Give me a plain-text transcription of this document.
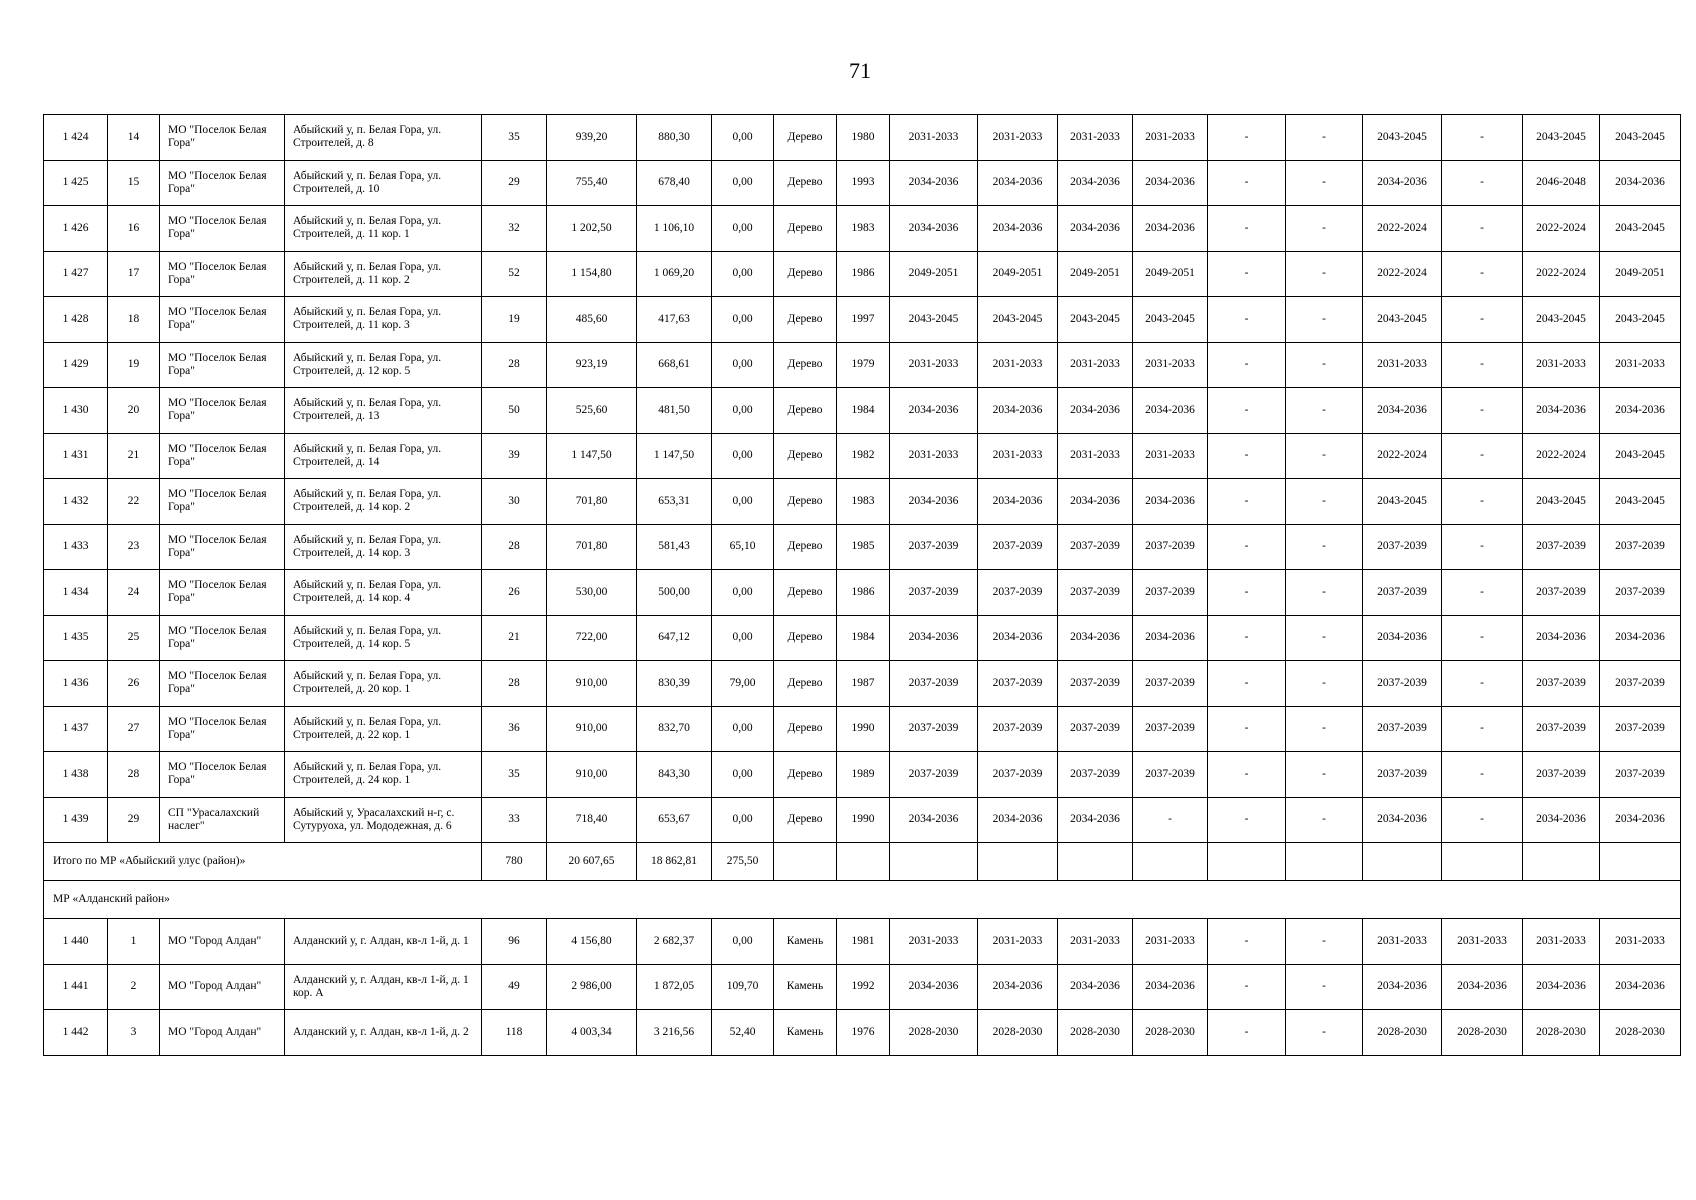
71
1 424	14	МО "Поселок Белая Гора"	Абыйский у, п. Белая Гора, ул. Строителей, д. 8	35	939,20	880,30	0,00	Дерево	1980	2031-2033	2031-2033	2031-2033	2031-2033	-	-	2043-2045	-	2043-2045	2043-2045
1 425	15	МО "Поселок Белая Гора"	Абыйский у, п. Белая Гора, ул. Строителей, д. 10	29	755,40	678,40	0,00	Дерево	1993	2034-2036	2034-2036	2034-2036	2034-2036	-	-	2034-2036	-	2046-2048	2034-2036
1 426	16	МО "Поселок Белая Гора"	Абыйский у, п. Белая Гора, ул. Строителей, д. 11 кор. 1	32	1 202,50	1 106,10	0,00	Дерево	1983	2034-2036	2034-2036	2034-2036	2034-2036	-	-	2022-2024	-	2022-2024	2043-2045
1 427	17	МО "Поселок Белая Гора"	Абыйский у, п. Белая Гора, ул. Строителей, д. 11 кор. 2	52	1 154,80	1 069,20	0,00	Дерево	1986	2049-2051	2049-2051	2049-2051	2049-2051	-	-	2022-2024	-	2022-2024	2049-2051
1 428	18	МО "Поселок Белая Гора"	Абыйский у, п. Белая Гора, ул. Строителей, д. 11 кор. 3	19	485,60	417,63	0,00	Дерево	1997	2043-2045	2043-2045	2043-2045	2043-2045	-	-	2043-2045	-	2043-2045	2043-2045
1 429	19	МО "Поселок Белая Гора"	Абыйский у, п. Белая Гора, ул. Строителей, д. 12 кор. 5	28	923,19	668,61	0,00	Дерево	1979	2031-2033	2031-2033	2031-2033	2031-2033	-	-	2031-2033	-	2031-2033	2031-2033
1 430	20	МО "Поселок Белая Гора"	Абыйский у, п. Белая Гора, ул. Строителей, д. 13	50	525,60	481,50	0,00	Дерево	1984	2034-2036	2034-2036	2034-2036	2034-2036	-	-	2034-2036	-	2034-2036	2034-2036
1 431	21	МО "Поселок Белая Гора"	Абыйский у, п. Белая Гора, ул. Строителей, д. 14	39	1 147,50	1 147,50	0,00	Дерево	1982	2031-2033	2031-2033	2031-2033	2031-2033	-	-	2022-2024	-	2022-2024	2043-2045
1 432	22	МО "Поселок Белая Гора"	Абыйский у, п. Белая Гора, ул. Строителей, д. 14 кор. 2	30	701,80	653,31	0,00	Дерево	1983	2034-2036	2034-2036	2034-2036	2034-2036	-	-	2043-2045	-	2043-2045	2043-2045
1 433	23	МО "Поселок Белая Гора"	Абыйский у, п. Белая Гора, ул. Строителей, д. 14 кор. 3	28	701,80	581,43	65,10	Дерево	1985	2037-2039	2037-2039	2037-2039	2037-2039	-	-	2037-2039	-	2037-2039	2037-2039
1 434	24	МО "Поселок Белая Гора"	Абыйский у, п. Белая Гора, ул. Строителей, д. 14 кор. 4	26	530,00	500,00	0,00	Дерево	1986	2037-2039	2037-2039	2037-2039	2037-2039	-	-	2037-2039	-	2037-2039	2037-2039
1 435	25	МО "Поселок Белая Гора"	Абыйский у, п. Белая Гора, ул. Строителей, д. 14 кор. 5	21	722,00	647,12	0,00	Дерево	1984	2034-2036	2034-2036	2034-2036	2034-2036	-	-	2034-2036	-	2034-2036	2034-2036
1 436	26	МО "Поселок Белая Гора"	Абыйский у, п. Белая Гора, ул. Строителей, д. 20 кор. 1	28	910,00	830,39	79,00	Дерево	1987	2037-2039	2037-2039	2037-2039	2037-2039	-	-	2037-2039	-	2037-2039	2037-2039
1 437	27	МО "Поселок Белая Гора"	Абыйский у, п. Белая Гора, ул. Строителей, д. 22 кор. 1	36	910,00	832,70	0,00	Дерево	1990	2037-2039	2037-2039	2037-2039	2037-2039	-	-	2037-2039	-	2037-2039	2037-2039
1 438	28	МО "Поселок Белая Гора"	Абыйский у, п. Белая Гора, ул. Строителей, д. 24 кор. 1	35	910,00	843,30	0,00	Дерево	1989	2037-2039	2037-2039	2037-2039	2037-2039	-	-	2037-2039	-	2037-2039	2037-2039
1 439	29	СП "Урасалахский наслег"	Абыйский у, Урасалахский н-г, с. Сутуруоха, ул. Мододежная, д. 6	33	718,40	653,67	0,00	Дерево	1990	2034-2036	2034-2036	2034-2036	-	-	-	2034-2036	-	2034-2036	2034-2036
Итого по МР «Абыйский улус (район)»				780	20 607,65	18 862,81	275,50												
МР «Алданский район»																			
1 440	1	МО "Город Алдан"	Алданский у, г. Алдан, кв-л 1-й, д. 1	96	4 156,80	2 682,37	0,00	Камень	1981	2031-2033	2031-2033	2031-2033	2031-2033	-	-	2031-2033	2031-2033	2031-2033	2031-2033
1 441	2	МО "Город Алдан"	Алданский у, г. Алдан, кв-л 1-й, д. 1 кор. А	49	2 986,00	1 872,05	109,70	Камень	1992	2034-2036	2034-2036	2034-2036	2034-2036	-	-	2034-2036	2034-2036	2034-2036	2034-2036
1 442	3	МО "Город Алдан"	Алданский у, г. Алдан, кв-л 1-й, д. 2	118	4 003,34	3 216,56	52,40	Камень	1976	2028-2030	2028-2030	2028-2030	2028-2030	-	-	2028-2030	2028-2030	2028-2030	2028-2030
